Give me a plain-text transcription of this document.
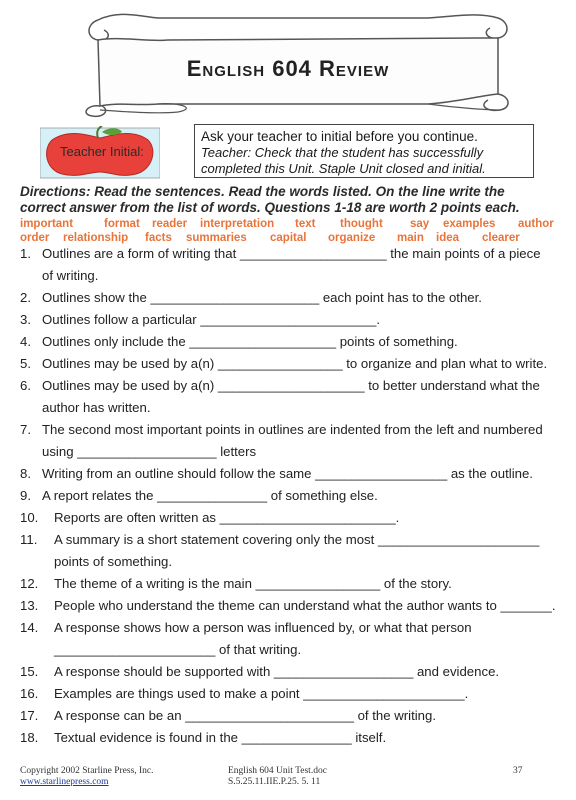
English 604 Review
Teacher Initial:
Ask your teacher to initial before you continue.
Teacher: Check that the student has successfully
completed this Unit. Staple Unit closed and initial.
Directions: Read the sentences. Read the words listed. On the line write the
correct answer from the list of words. Questions 1-18 are worth 2 points each.
important	format reader interpretation text thought say examples author
order relationship facts summaries capital organize main idea clearer
1. Outlines are a form of writing that ____________________ the main points of a piece
of writing.
2. Outlines show the _______________________ each point has to the other.
3. Outlines follow a particular ________________________.
4. Outlines only include the ____________________ points of something.
5. Outlines may be used by a(n) _________________ to organize and plan what to write.
6. Outlines may be used by a(n) ____________________ to better understand what the
author has written.
7. The second most important points in outlines are indented from the left and numbered
using ___________________ letters
8. Writing from an outline should follow the same __________________ as the outline.
9. A report relates the _______________ of something else.
10. Reports are often written as ________________________.
11. A summary is a short statement covering only the most ______________________
points of something.
12. The theme of a writing is the main _________________ of the story.
13. People who understand the theme can understand what the author wants to _______.
14. A response shows how a person was influenced by, or what that person
______________________ of that writing.
15. A response should be supported with ___________________ and evidence.
16. Examples are things used to make a point ______________________.
17. A response can be an _______________________ of the writing.
18. Textual evidence is found in the _______________ itself.
Copyright 2002 Starline Press, Inc.
www.starlinepress.com
English 604 Unit Test.doc
S.5.25.11.IIE.P.25. 5. 11
37
